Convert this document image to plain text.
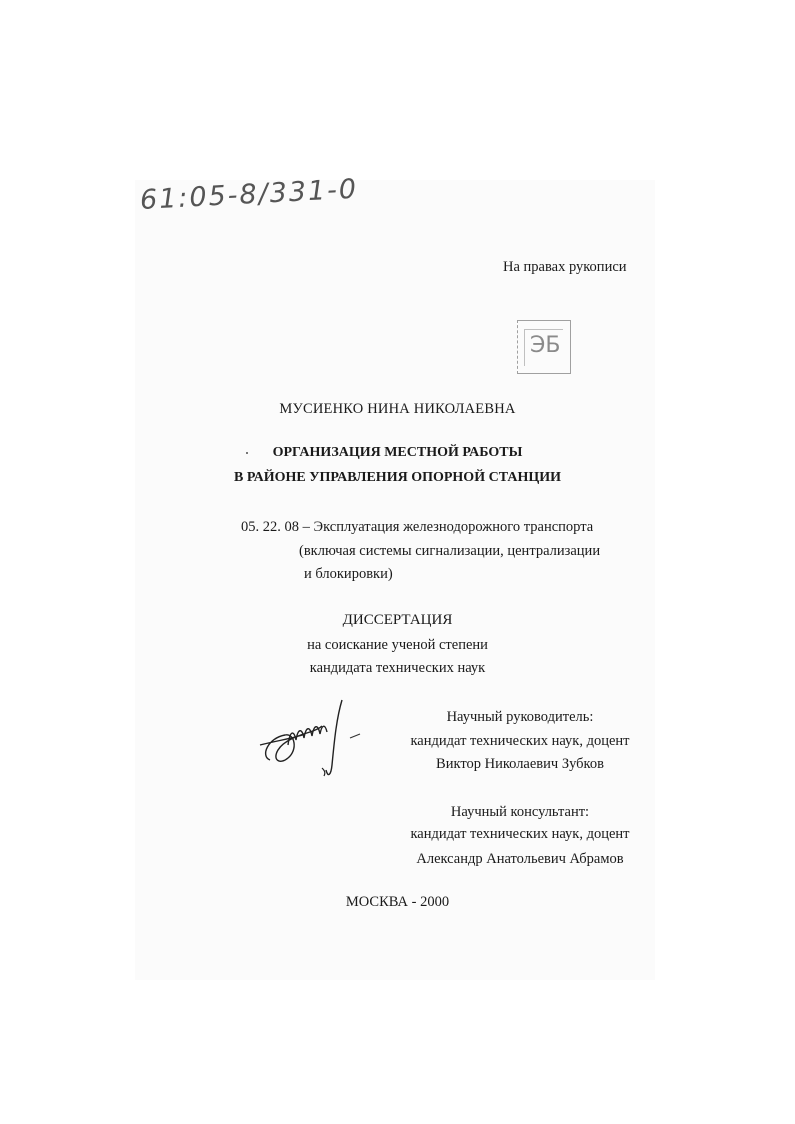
61:05-8/331-0
На правах рукописи
ЭБ
МУСИЕНКО НИНА НИКОЛАЕВНА
ОРГАНИЗАЦИЯ МЕСТНОЙ РАБОТЫ
В РАЙОНЕ УПРАВЛЕНИЯ ОПОРНОЙ СТАНЦИИ
05. 22. 08 – Эксплуатация железнодорожного транспорта
(включая системы сигнализации, централизации
и блокировки)
ДИССЕРТАЦИЯ
на соискание ученой степени
кандидата технических наук
Научный руководитель:
кандидат технических наук, доцент
Виктор Николаевич Зубков
Научный консультант:
кандидат технических наук, доцент
Александр Анатольевич Абрамов
МОСКВА - 2000
